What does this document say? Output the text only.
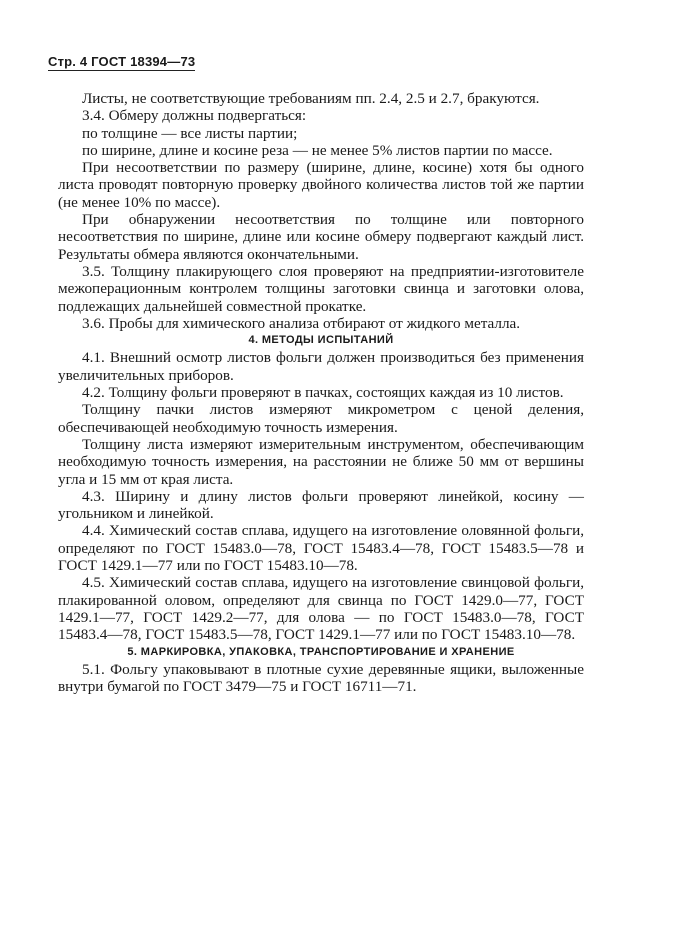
Стр. 4 ГОСТ 18394—73

Листы, не соответствующие требованиям пп. 2.4, 2.5 и 2.7, бракуются.

3.4. Обмеру должны подвергаться:

по толщине — все листы партии;

по ширине, длине и косине реза — не менее 5% листов партии по массе.

При несоответствии по размеру (ширине, длине, косине) хотя бы одного листа проводят повторную проверку двойного количества листов той же партии (не менее 10% по массе).

При обнаружении несоответствия по толщине или повторного несоответствия по ширине, длине или косине обмеру подвергают каждый лист. Результаты обмера являются окончательными.

3.5. Толщину плакирующего слоя проверяют на предприятии-изготовителе межоперационным контролем толщины заготовки свинца и заготовки олова, подлежащих дальнейшей совместной прокатке.

3.6. Пробы для химического анализа отбирают от жидкого металла.

4. МЕТОДЫ ИСПЫТАНИЙ

4.1. Внешний осмотр листов фольги должен производиться без применения увеличительных приборов.

4.2. Толщину фольги проверяют в пачках, состоящих каждая из 10 листов.

Толщину пачки листов измеряют микрометром с ценой деления, обеспечивающей необходимую точность измерения.

Толщину листа измеряют измерительным инструментом, обеспечивающим необходимую точность измерения, на расстоянии не ближе 50 мм от вершины угла и 15 мм от края листа.

4.3. Ширину и длину листов фольги проверяют линейкой, косину — угольником и линейкой.

4.4. Химический состав сплава, идущего на изготовление оловянной фольги, определяют по ГОСТ 15483.0—78, ГОСТ 15483.4—78, ГОСТ 15483.5—78 и ГОСТ 1429.1—77 или по ГОСТ 15483.10—78.

4.5. Химический состав сплава, идущего на изготовление свинцовой фольги, плакированной оловом, определяют для свинца по ГОСТ 1429.0—77, ГОСТ 1429.1—77, ГОСТ 1429.2—77, для олова — по ГОСТ 15483.0—78, ГОСТ 15483.4—78, ГОСТ 15483.5—78, ГОСТ 1429.1—77 или по ГОСТ 15483.10—78.

5. МАРКИРОВКА, УПАКОВКА, ТРАНСПОРТИРОВАНИЕ И ХРАНЕНИЕ

5.1. Фольгу упаковывают в плотные сухие деревянные ящики, выложенные внутри бумагой по ГОСТ 3479—75 и ГОСТ 16711—71.
